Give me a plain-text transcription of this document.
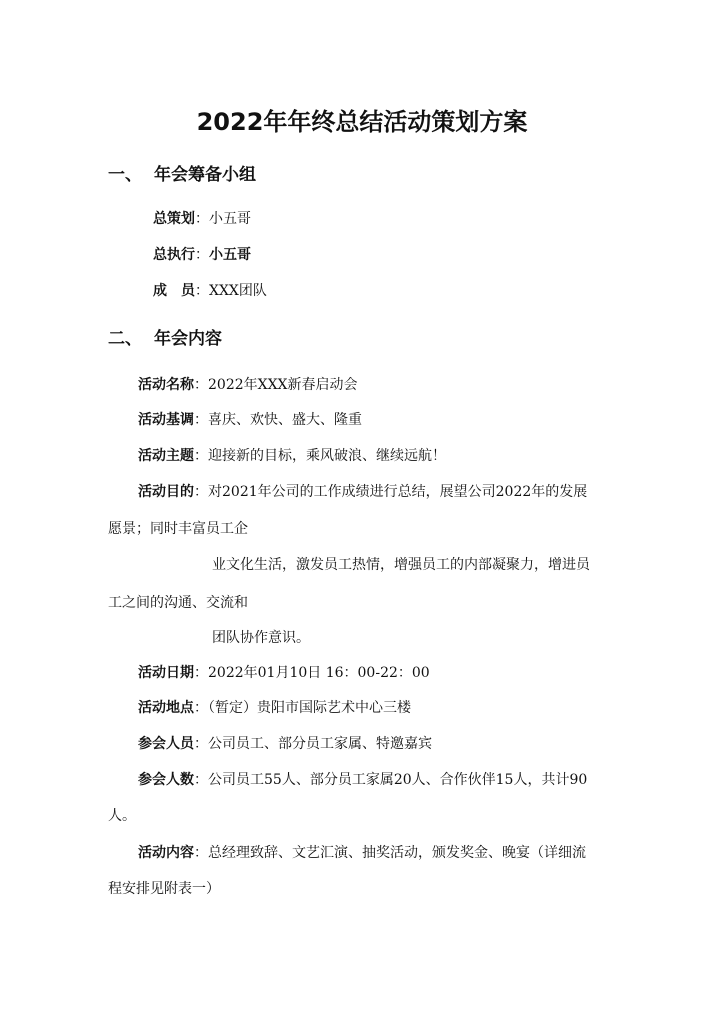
2022年年终总结活动策划方案
一、 年会筹备小组
总策划：小五哥
总执行：小五哥
成　员：XXX团队
二、 年会内容
活动名称：2022年XXX新春启动会
活动基调：喜庆、欢快、盛大、隆重
活动主题：迎接新的目标，乘风破浪、继续远航！
活动目的：对2021年公司的工作成绩进行总结，展望公司2022年的发展
愿景；同时丰富员工企
业文化生活，激发员工热情，增强员工的内部凝聚力，增进员
工之间的沟通、交流和
团队协作意识。
活动日期：2022年01月10日 16：00-22：00
活动地点：（暂定）贵阳市国际艺术中心三楼
参会人员：公司员工、部分员工家属、特邀嘉宾
参会人数：公司员工55人、部分员工家属20人、合作伙伴15人，共计90
人。
活动内容：总经理致辞、文艺汇演、抽奖活动，颁发奖金、晚宴（详细流
程安排见附表一）
